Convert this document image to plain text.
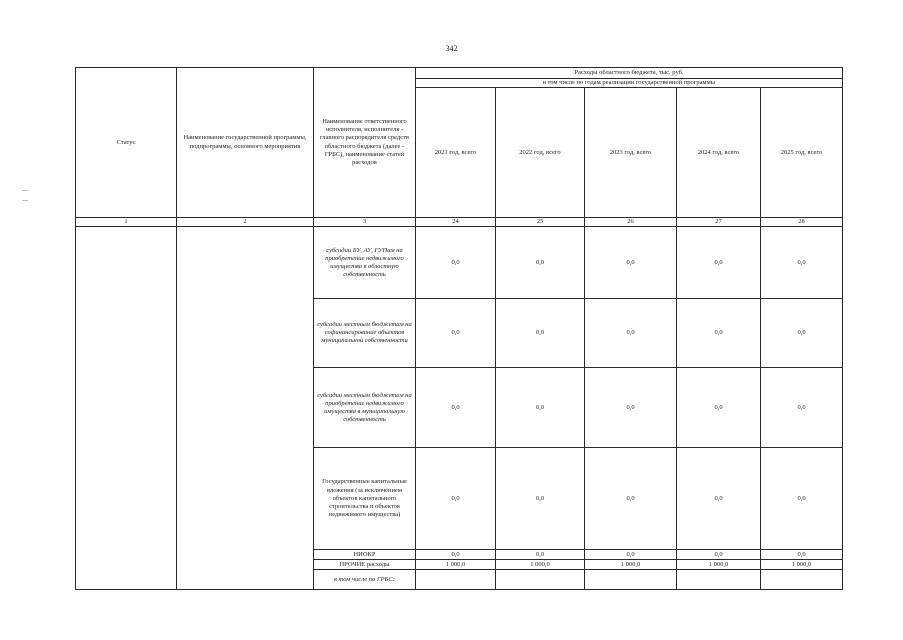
342
Статус	Наименование государственной программы, подпрограммы, основного мероприятия	Наименование ответственного исполнителя, исполнителя - главного распорядителя средств областного бюджета (далее - ГРБС), наименование статей расходов	Расходы областного бюджета, тыс. руб.				
			в том числе по годам реализации государственной программы				
			2021 год, всего	2022 год, всего	2023 год, всего	2024 год, всего	2025 год, всего
1	2	3	24	25	26	27	28
		субсидии БУ, АУ, ГУПам на приобретение недвижимого имущества в областную собственность	0,0	0,0	0,0	0,0	0,0
		субсидии местным бюджетам на софинансирование объектов муниципальной собственности	0,0	0,0	0,0	0,0	0,0
		субсидии местным бюджетам на приобретение недвижимого имущества в муниципальную собственность	0,0	0,0	0,0	0,0	0,0
		Государственные капитальные вложения (за исключением объектов капитального строительства и объектов недвижимого имущества)	0,0	0,0	0,0	0,0	0,0
		НИОКР	0,0	0,0	0,0	0,0	0,0
		ПРОЧИЕ расходы	1 000,0	1 000,0	1 000,0	1 000,0	1 000,0
		в том числе по ГРБС:					
